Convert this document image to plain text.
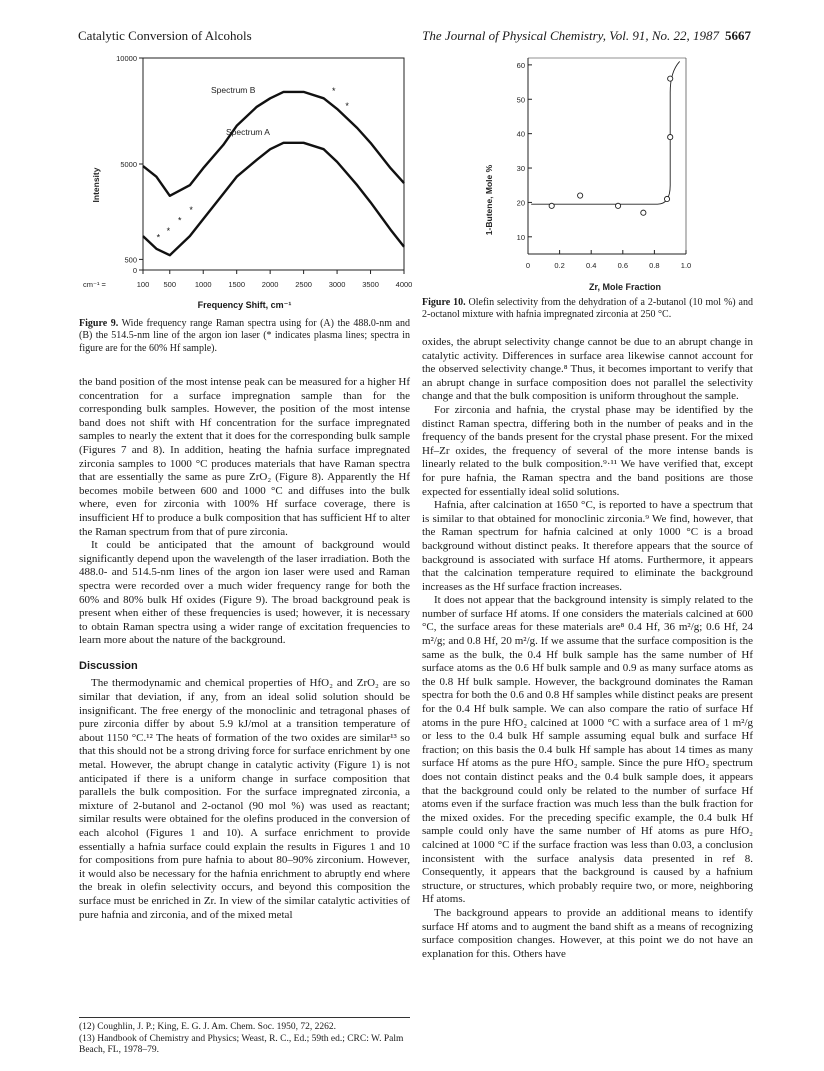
Catalytic Conversion of Alcohols	The Journal of Physical Chemistry, Vol. 91, No. 22, 1987 5667
0
500
5000
10000
100 500	1000 1500 2000 2500 3000 3500 4000
*
*
*
*
*
*
Spectrum B
Spectrum A
Intensity
cm⁻¹ =
Frequency Shift, cm⁻¹
Figure 9. Wide frequency range Raman spectra using for (A) the 488.0-nm and (B) the 514.5-nm line of the argon ion laser (* indicates plasma lines; spectra in figure are for the 60% Hf sample).
10
20
30
40
50
60
0	0.2	0.4	0.6	0.8	1.0
1-Butene, Mole %
Zr, Mole Fraction
Figure 10. Olefin selectivity from the dehydration of a 2-butanol (10 mol %) and 2-octanol mixture with hafnia impregnated zirconia at 250 °C.

the band position of the most intense peak can be measured for a higher Hf concentration for a surface impregnation sample than for the corresponding bulk samples. However, the position of the most intense band does not shift with Hf concentration for the surface impregnated samples to nearly the extent that it does for the corresponding bulk sample (Figures 7 and 8). In addition, heating the hafnia surface impregnated zirconia samples to 1000 °C produces materials that have Raman spectra that are essentially the same as pure ZrO₂ (Figure 8). Apparently the Hf becomes mobile between 600 and 1000 °C and diffuses into the bulk where, even for zirconia with 100% Hf surface coverage, there is insufficient Hf to produce a bulk composition that has sufficient Hf to alter the Raman spectrum from that of pure zirconia.

It could be anticipated that the amount of background would significantly depend upon the wavelength of the laser irradiation. Both the 488.0- and 514.5-nm lines of the argon ion laser were used and Raman spectra were recorded over a much wider frequency range for both the 60% and 80% bulk Hf oxides (Figure 9). The broad background peak is present when either of these frequencies is used; however, it is necessary to obtain Raman spectra using a wider range of excitation frequencies to learn more about the nature of the background.

Discussion

The thermodynamic and chemical properties of HfO₂ and ZrO₂ are so similar that deviation, if any, from an ideal solid solution should be insignificant. The free energy of the monoclinic and tetragonal phases of pure zirconia differ by about 5.9 kJ/mol at a transition temperature of about 1150 °C.¹² The heats of formation of the two oxides are similar¹³ so that this should not be a strong driving force for surface enrichment by one metal. However, the abrupt change in catalytic activity (Figure 1) is not anticipated if there is a uniform change in surface composition that parallels the bulk composition. For the surface impregnated zirconia, a mixture of 2-butanol and 2-octanol (90 mol %) was used as reactant; similar results were obtained for the olefins produced in the conversion of each alcohol (Figures 1 and 10). A surface enrichment to provide essentially a hafnia surface could explain the results in Figures 1 and 10 for compositions from pure hafnia to about 80–90% zirconium. However, it would also be necessary for the hafnia enrichment to abruptly end where the break in olefin selectivity occurs, and beyond this composition the surface must be enriched in Zr. In view of the similar catalytic activities of pure hafnia and zirconia, and of the mixed metal

(12) Coughlin, J. P.; King, E. G. J. Am. Chem. Soc. 1950, 72, 2262.
(13) Handbook of Chemistry and Physics; Weast, R. C., Ed.; 59th ed.; CRC: W. Palm Beach, FL, 1978–79.

oxides, the abrupt selectivity change cannot be due to an abrupt change in catalytic activity. Differences in surface area likewise cannot account for the observed selectivity change.⁸ Thus, it becomes important to verify that an abrupt change in surface composition does not parallel the selectivity change and that the bulk composition is uniform throughout the sample.

For zirconia and hafnia, the crystal phase may be identified by the distinct Raman spectra, differing both in the number of peaks and in the frequency of the bands present for the crystal phase present. For the mixed Hf–Zr oxides, the frequency of several of the more intense bands is linearly related to the bulk composition.⁹·¹¹ We have verified that, except for pure hafnia, the Raman spectra and the band positions are those expected for essentially ideal solid solutions.

Hafnia, after calcination at 1650 °C, is reported to have a spectrum that is similar to that obtained for monoclinic zirconia.⁹ We find, however, that the Raman spectrum for hafnia calcined at only 1000 °C is a broad background without distinct peaks. It therefore appears that the source of background is associated with surface Hf atoms. Furthermore, it appears that the calcination temperature required to eliminate the background increases as the Hf surface fraction increases.

It does not appear that the background intensity is simply related to the number of surface Hf atoms. If one considers the materials calcined at 600 °C, the surface areas for these materials are⁸ 0.4 Hf, 36 m²/g; 0.6 Hf, 24 m²/g; and 0.8 Hf, 20 m²/g. If we assume that the surface composition is the same as the bulk, the 0.4 Hf bulk sample has the same number of Hf surface atoms as the 0.6 Hf bulk sample and 0.9 as many surface atoms as the 0.8 Hf bulk sample. However, the background dominates the Raman spectra for both the 0.6 and 0.8 Hf samples while distinct peaks are present for the 0.4 Hf bulk sample. We can also compare the ratio of surface Hf atoms in the pure HfO₂ calcined at 1000 °C with a surface area of 1 m²/g or less to the 0.4 bulk Hf sample assuming equal bulk and surface Hf fraction; on this basis the 0.4 bulk Hf sample has about 14 times as many surface Hf atoms as the pure HfO₂ sample. Since the pure HfO₂ spectrum does not contain distinct peaks and the 0.4 bulk sample does, it appears that the background could only be related to the number of surface Hf atoms even if the surface fraction was much less than the bulk fraction for the mixed oxides. For the preceding specific example, the 0.4 bulk Hf sample could only have the same number of Hf atoms as pure HfO₂ calcined at 1000 °C if the surface fraction was less than 0.03, a conclusion inconsistent with the surface analysis data presented in ref 8. Consequently, it appears that the background is caused by a hafnium structure, or structures, which probably require two, or more, neighboring Hf atoms.

The background appears to provide an additional means to identify surface Hf atoms and to augment the band shift as a means of recognizing surface composition changes. However, at this point we do not have an explanation for this. Others have
